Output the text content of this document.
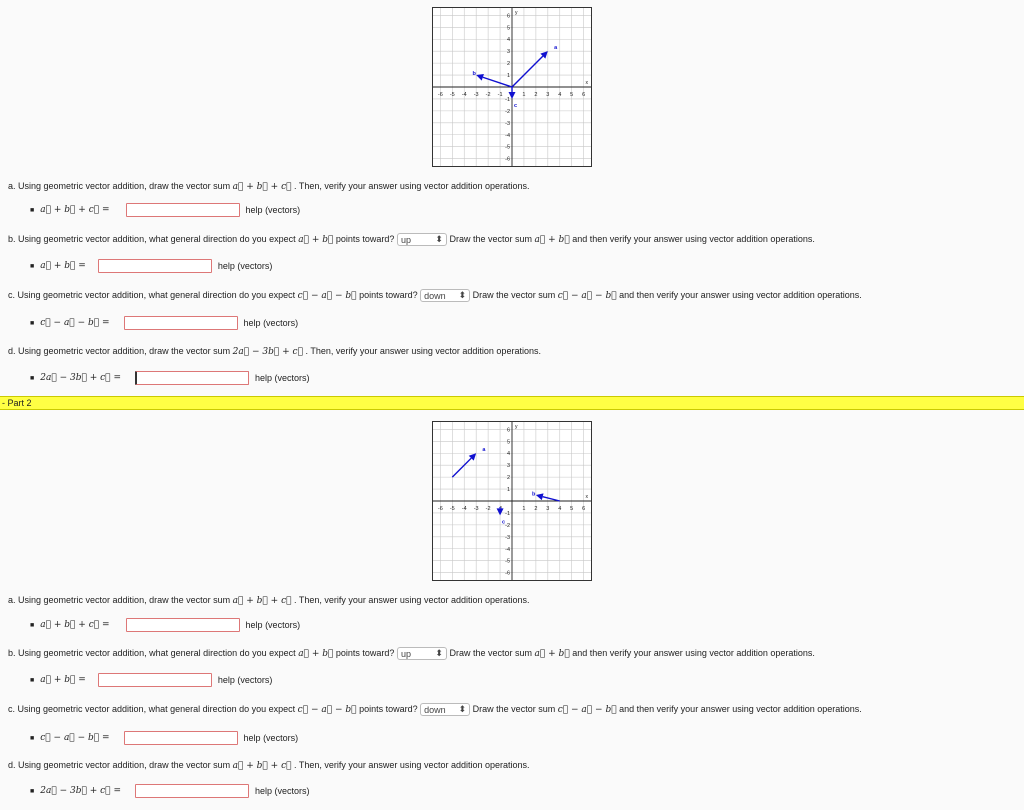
-6 -5 -4 -3 -2 -1	1 2 3 4 5 6
6
5
4
3
2
1
-1
-2
-3
-4
-5
-6
x
y
a
b
c
a. Using geometric vector addition, draw the vector sum a⃗ + b⃗ + c⃗ . Then, verify your answer using vector addition operations.
■ a⃗ + b⃗ + c⃗ =	help (vectors)
b. Using geometric vector addition, what general direction do you expect a⃗ + b⃗ points toward? up	⬍ Draw the vector sum a⃗ + b⃗ and then verify your answer using vector addition operations.
■ a⃗ + b⃗ =	help (vectors)
c. Using geometric vector addition, what general direction do you expect c⃗ − a⃗ − b⃗ points toward? down ⬍ Draw the vector sum c⃗ − a⃗ − b⃗ and then verify your answer using vector addition operations.
■ c⃗ − a⃗ − b⃗ =	help (vectors)
d. Using geometric vector addition, draw the vector sum 2a⃗ − 3b⃗ + c⃗ . Then, verify your answer using vector addition operations.
■ 2a⃗ − 3b⃗ + c⃗ =	help (vectors)
- Part 2
-6 -5 -4 -3 -2	1 2 3 4 5 6
6
5
4
3
2
1
-1
-2
-3
-4
-5
-6
x
y
a
b
c
a. Using geometric vector addition, draw the vector sum a⃗ + b⃗ + c⃗ . Then, verify your answer using vector addition operations.
■ a⃗ + b⃗ + c⃗ =	help (vectors)
b. Using geometric vector addition, what general direction do you expect a⃗ + b⃗ points toward? up	⬍ Draw the vector sum a⃗ + b⃗ and then verify your answer using vector addition operations.
■ a⃗ + b⃗ =	help (vectors)
c. Using geometric vector addition, what general direction do you expect c⃗ − a⃗ − b⃗ points toward? down ⬍ Draw the vector sum c⃗ − a⃗ − b⃗ and then verify your answer using vector addition operations.
■ c⃗ − a⃗ − b⃗ =	help (vectors)
d. Using geometric vector addition, draw the vector sum a⃗ + b⃗ + c⃗ . Then, verify your answer using vector addition operations.
■ 2a⃗ − 3b⃗ + c⃗ =	help (vectors)
